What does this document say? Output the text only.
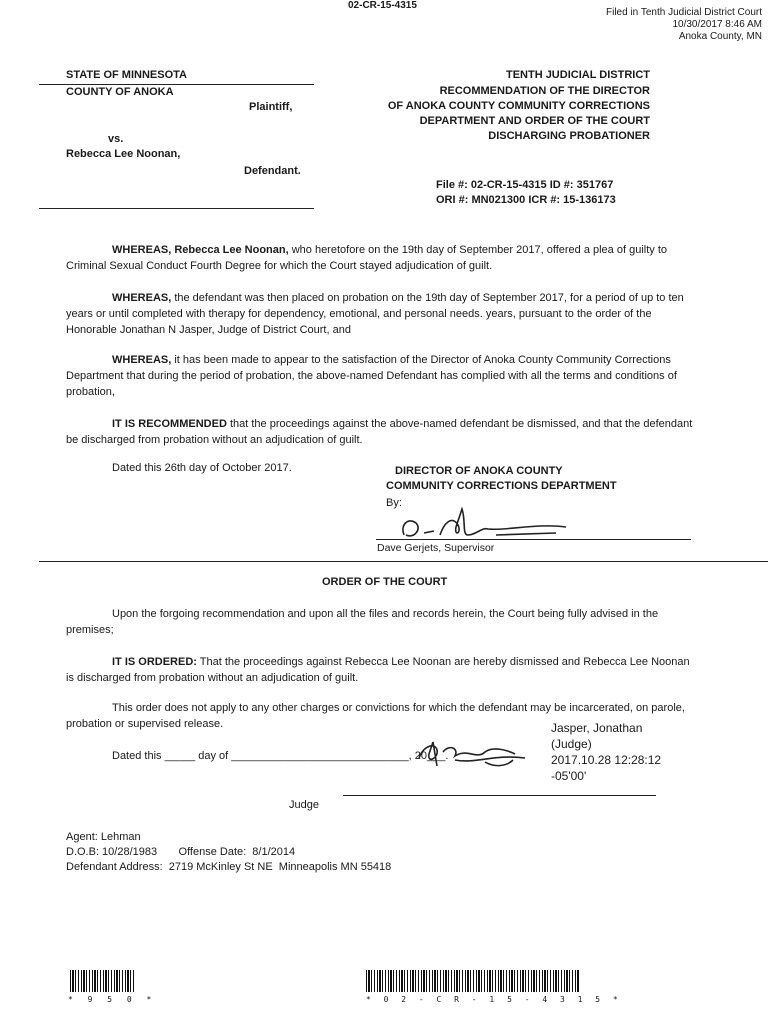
02-CR-15-4315
Filed in Tenth Judicial District Court
10/30/2017 8:46 AM
Anoka County, MN
STATE OF MINNESOTA
COUNTY OF ANOKA
Plaintiff,
vs.
Rebecca Lee Noonan,
Defendant.
TENTH JUDICIAL DISTRICT
RECOMMENDATION OF THE DIRECTOR
OF ANOKA COUNTY COMMUNITY CORRECTIONS
DEPARTMENT AND ORDER OF THE COURT
DISCHARGING PROBATIONER
File #: 02-CR-15-4315 ID #: 351767
ORI #: MN021300 ICR #: 15-136173
WHEREAS, Rebecca Lee Noonan, who heretofore on the 19th day of September 2017, offered a plea of guilty to Criminal Sexual Conduct Fourth Degree for which the Court stayed adjudication of guilt.
WHEREAS, the defendant was then placed on probation on the 19th day of September 2017, for a period of up to ten years or until completed with therapy for dependency, emotional, and personal needs. years, pursuant to the order of the Honorable Jonathan N Jasper, Judge of District Court, and
WHEREAS, it has been made to appear to the satisfaction of the Director of Anoka County Community Corrections Department that during the period of probation, the above-named Defendant has complied with all the terms and conditions of probation,
IT IS RECOMMENDED that the proceedings against the above-named defendant be dismissed, and that the defendant be discharged from probation without an adjudication of guilt.
Dated this 26th day of October 2017.	DIRECTOR OF ANOKA COUNTY
COMMUNITY CORRECTIONS DEPARTMENT
By:
Dave Gerjets, Supervisor
ORDER OF THE COURT
Upon the forgoing recommendation and upon all the files and records herein, the Court being fully advised in the premises;
IT IS ORDERED: That the proceedings against Rebecca Lee Noonan are hereby dismissed and Rebecca Lee Noonan is discharged from probation without an adjudication of guilt.
This order does not apply to any other charges or convictions for which the defendant may be incarcerated, on parole, probation or supervised release.
Dated this _____ day of _____________________________, 20___.
Jasper, Jonathan
(Judge)
2017.10.28 12:28:12
-05'00'
Judge
Agent: Lehman
D.O.B: 10/28/1983       Offense Date:  8/1/2014
Defendant Address:  2719 McKinley St NE  Minneapolis MN 55418
* 9 5 0 *	* 0 2 - C R - 1 5 - 4 3 1 5 *
